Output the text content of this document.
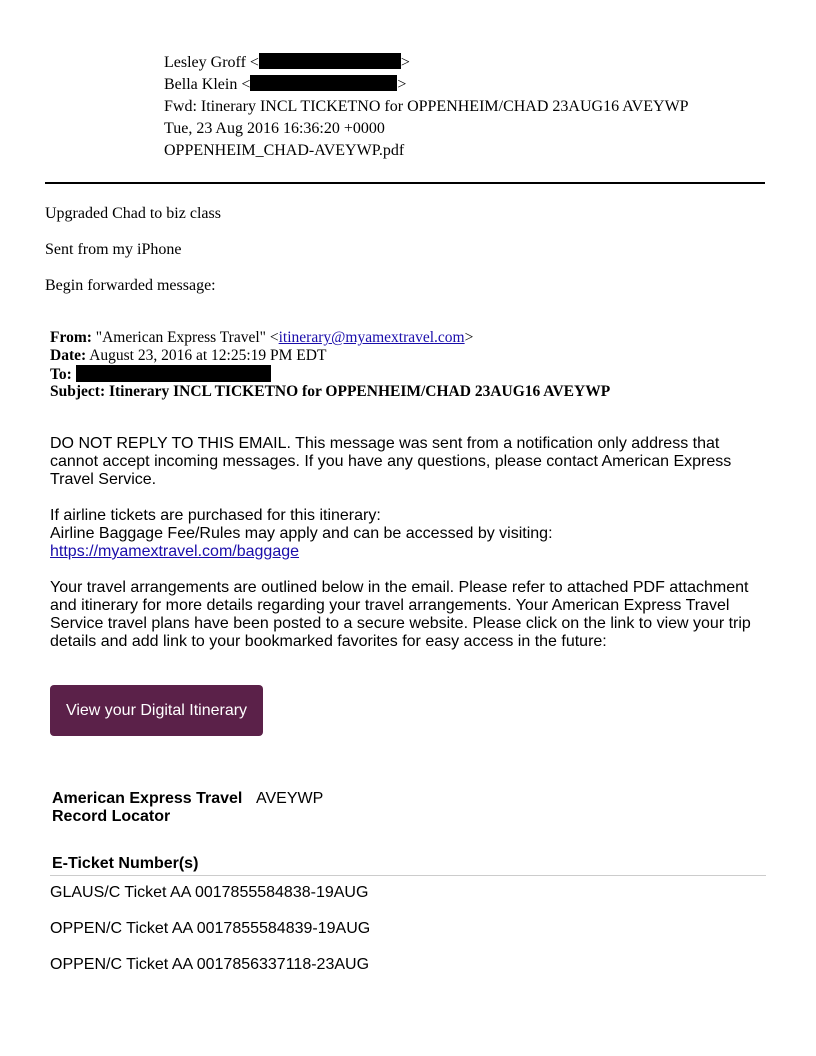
Lesley Groff <	>
Bella Klein <	>
Fwd: Itinerary INCL TICKETNO for OPPENHEIM/CHAD 23AUG16 AVEYWP
Tue, 23 Aug 2016 16:36:20 +0000
OPPENHEIM_CHAD-AVEYWP.pdf
Upgraded Chad to biz class
Sent from my iPhone
Begin forwarded message:
From: "American Express Travel" <itinerary@myamextravel.com>
Date: August 23, 2016 at 12:25:19 PM EDT
To:
Subject: Itinerary INCL TICKETNO for OPPENHEIM/CHAD 23AUG16 AVEYWP

DO NOT REPLY TO THIS EMAIL. This message was sent from a notification only address that cannot accept incoming messages. If you have any questions, please contact American Express Travel Service.

If airline tickets are purchased for this itinerary:

Airline Baggage Fee/Rules may apply and can be accessed by visiting:

https://myamextravel.com/baggage

Your travel arrangements are outlined below in the email. Please refer to attached PDF attachment and itinerary for more details regarding your travel arrangements. Your American Express Travel Service travel plans have been posted to a secure website. Please click on the link to view your trip details and add link to your bookmarked favorites for easy access in the future:

View your Digital Itinerary
American Express Travel
Record Locator
AVEYWP
E-Ticket Number(s)
GLAUS/C Ticket AA 0017855584838-19AUG
OPPEN/C Ticket AA 0017855584839-19AUG
OPPEN/C Ticket AA 0017856337118-23AUG
